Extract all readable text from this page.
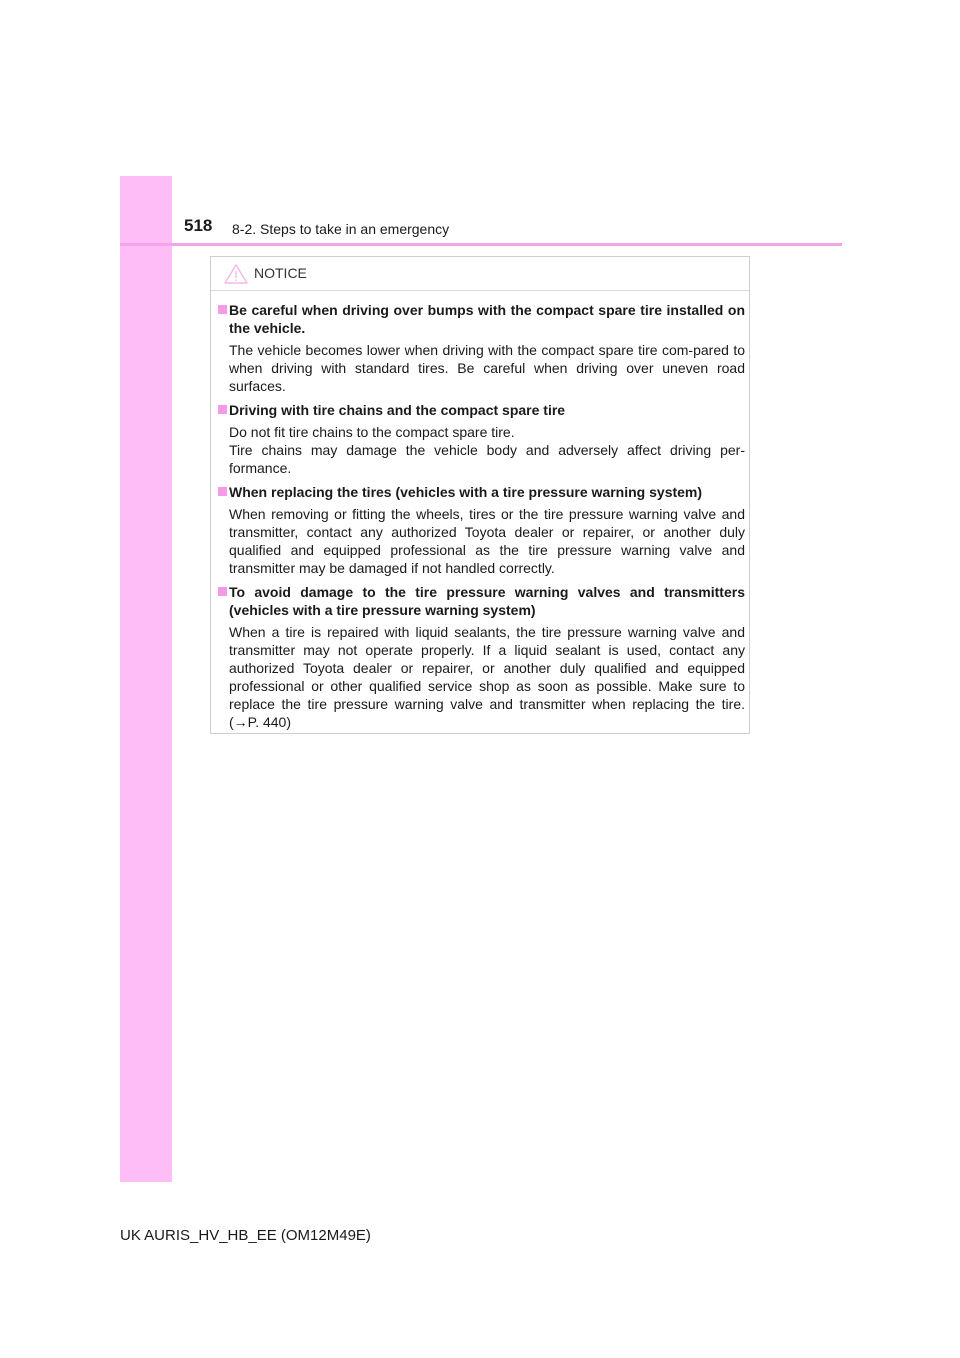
518 8-2. Steps to take in an emergency
NOTICE
Be careful when driving over bumps with the compact spare tire installed on the vehicle.

The vehicle becomes lower when driving with the compact spare tire com-pared to when driving with standard tires. Be careful when driving over uneven road surfaces.

Driving with tire chains and the compact spare tire

Do not fit tire chains to the compact spare tire.

Tire chains may damage the vehicle body and adversely affect driving per-formance.

When replacing the tires (vehicles with a tire pressure warning system)

When removing or fitting the wheels, tires or the tire pressure warning valve and transmitter, contact any authorized Toyota dealer or repairer, or another duly qualified and equipped professional as the tire pressure warning valve and transmitter may be damaged if not handled correctly.

To avoid damage to the tire pressure warning valves and transmitters (vehicles with a tire pressure warning system)

When a tire is repaired with liquid sealants, the tire pressure warning valve and transmitter may not operate properly. If a liquid sealant is used, contact any authorized Toyota dealer or repairer, or another duly qualified and equipped professional or other qualified service shop as soon as possible. Make sure to replace the tire pressure warning valve and transmitter when replacing the tire. (→P. 440)

UK AURIS_HV_HB_EE (OM12M49E)
